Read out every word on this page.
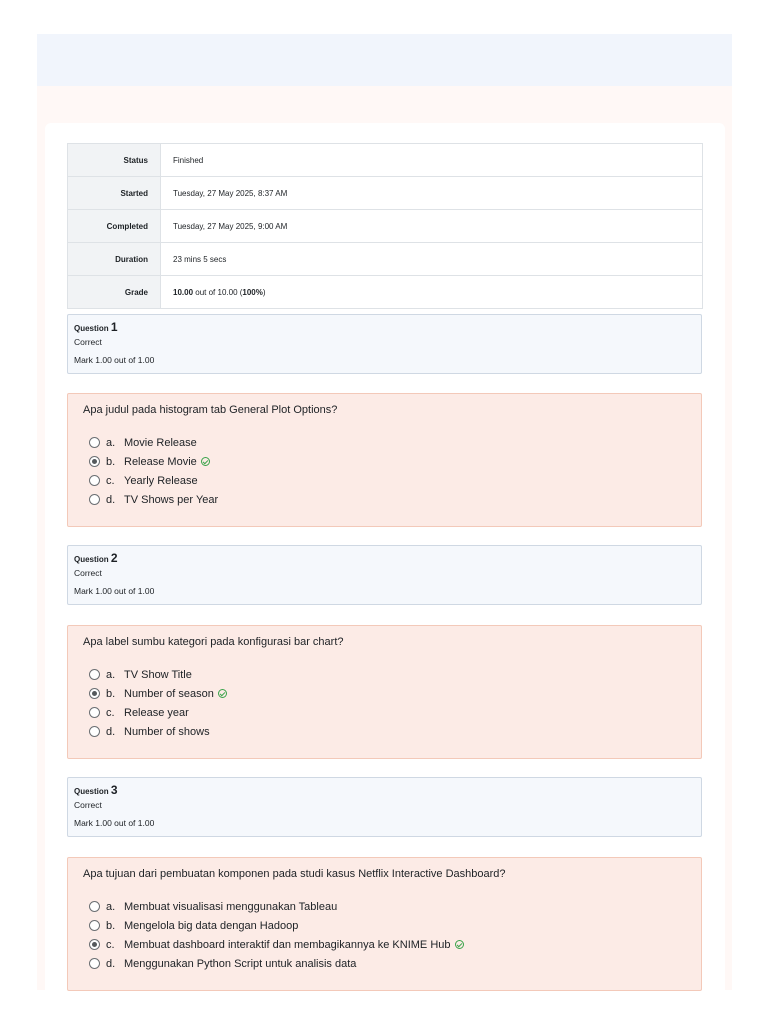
Status	Finished
Started	Tuesday, 27 May 2025, 8:37 AM
Completed	Tuesday, 27 May 2025, 9:00 AM
Duration	23 mins 5 secs
Grade	10.00 out of 10.00 (100%)
Question 1
Correct
Mark 1.00 out of 1.00
Apa judul pada histogram tab General Plot Options?
a. Movie Release
b. Release Movie
c. Yearly Release
d. TV Shows per Year
Question 2
Correct
Mark 1.00 out of 1.00
Apa label sumbu kategori pada konfigurasi bar chart?
a. TV Show Title
b. Number of season
c. Release year
d. Number of shows
Question 3
Correct
Mark 1.00 out of 1.00
Apa tujuan dari pembuatan komponen pada studi kasus Netflix Interactive Dashboard?
a. Membuat visualisasi menggunakan Tableau
b. Mengelola big data dengan Hadoop
c. Membuat dashboard interaktif dan membagikannya ke KNIME Hub
d. Menggunakan Python Script untuk analisis data
